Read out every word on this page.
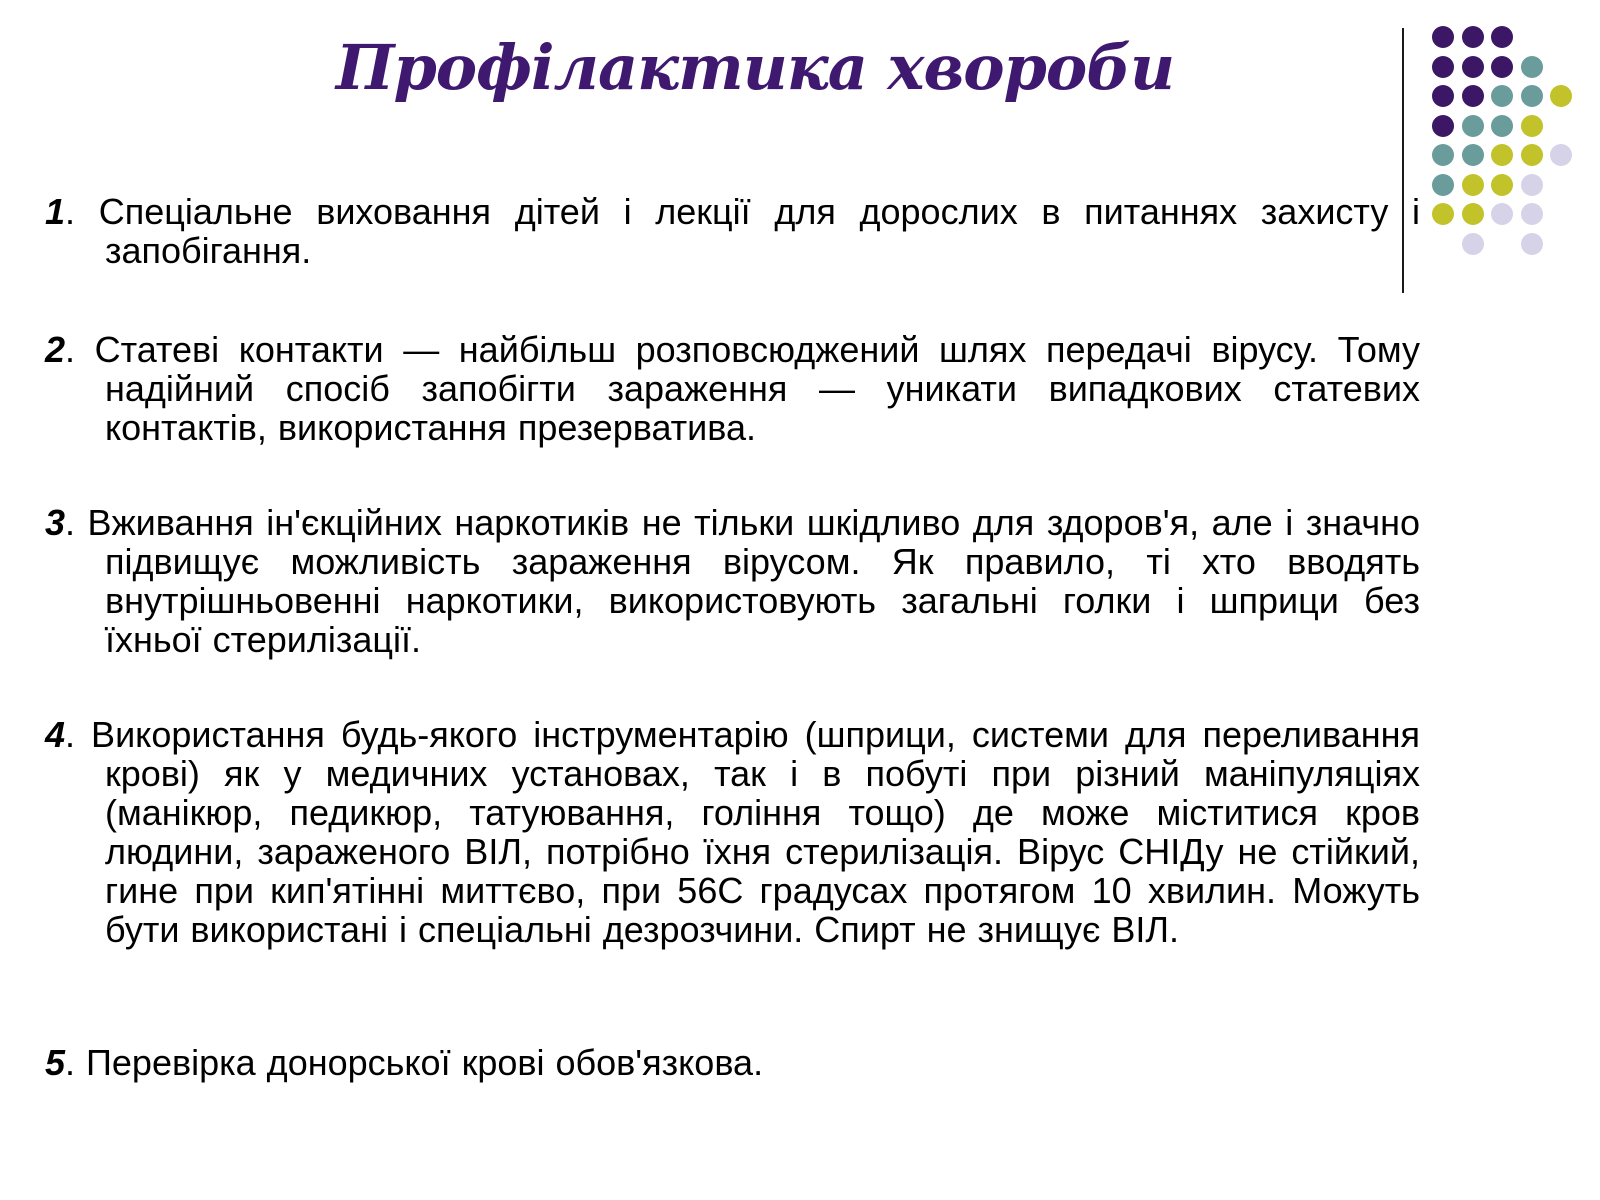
Профілактика хвороби
1. Спеціальне виховання дітей і лекції для дорослих в питаннях захисту і запобігання.
2. Статеві контакти — найбільш розповсюджений шлях передачі вірусу. Тому надійний спосіб запобігти зараження — уникати випадкових статевих контактів, використання презерватива.
3. Вживання ін'єкційних наркотиків не тільки шкідливо для здоров'я, але і значно підвищує можливість зараження вірусом. Як правило, ті хто вводять внутрішньовенні наркотики, використовують загальні голки і шприци без їхньої стерилізації.
4. Використання будь-якого інструментарію (шприци, системи для переливання крові) як у медичних установах, так і в побуті при різний маніпуляціях (манікюр, педикюр, татуювання, гоління тощо) де може міститися кров людини, зараженого ВІЛ, потрібно їхня стерилізація. Вірус СНІДу не стійкий, гине при кип'ятінні миттєво, при 56С градусах протягом 10 хвилин. Можуть бути використані і спеціальні дезрозчини. Спирт не знищує ВІЛ.
5. Перевірка донорської крові обов'язкова.
